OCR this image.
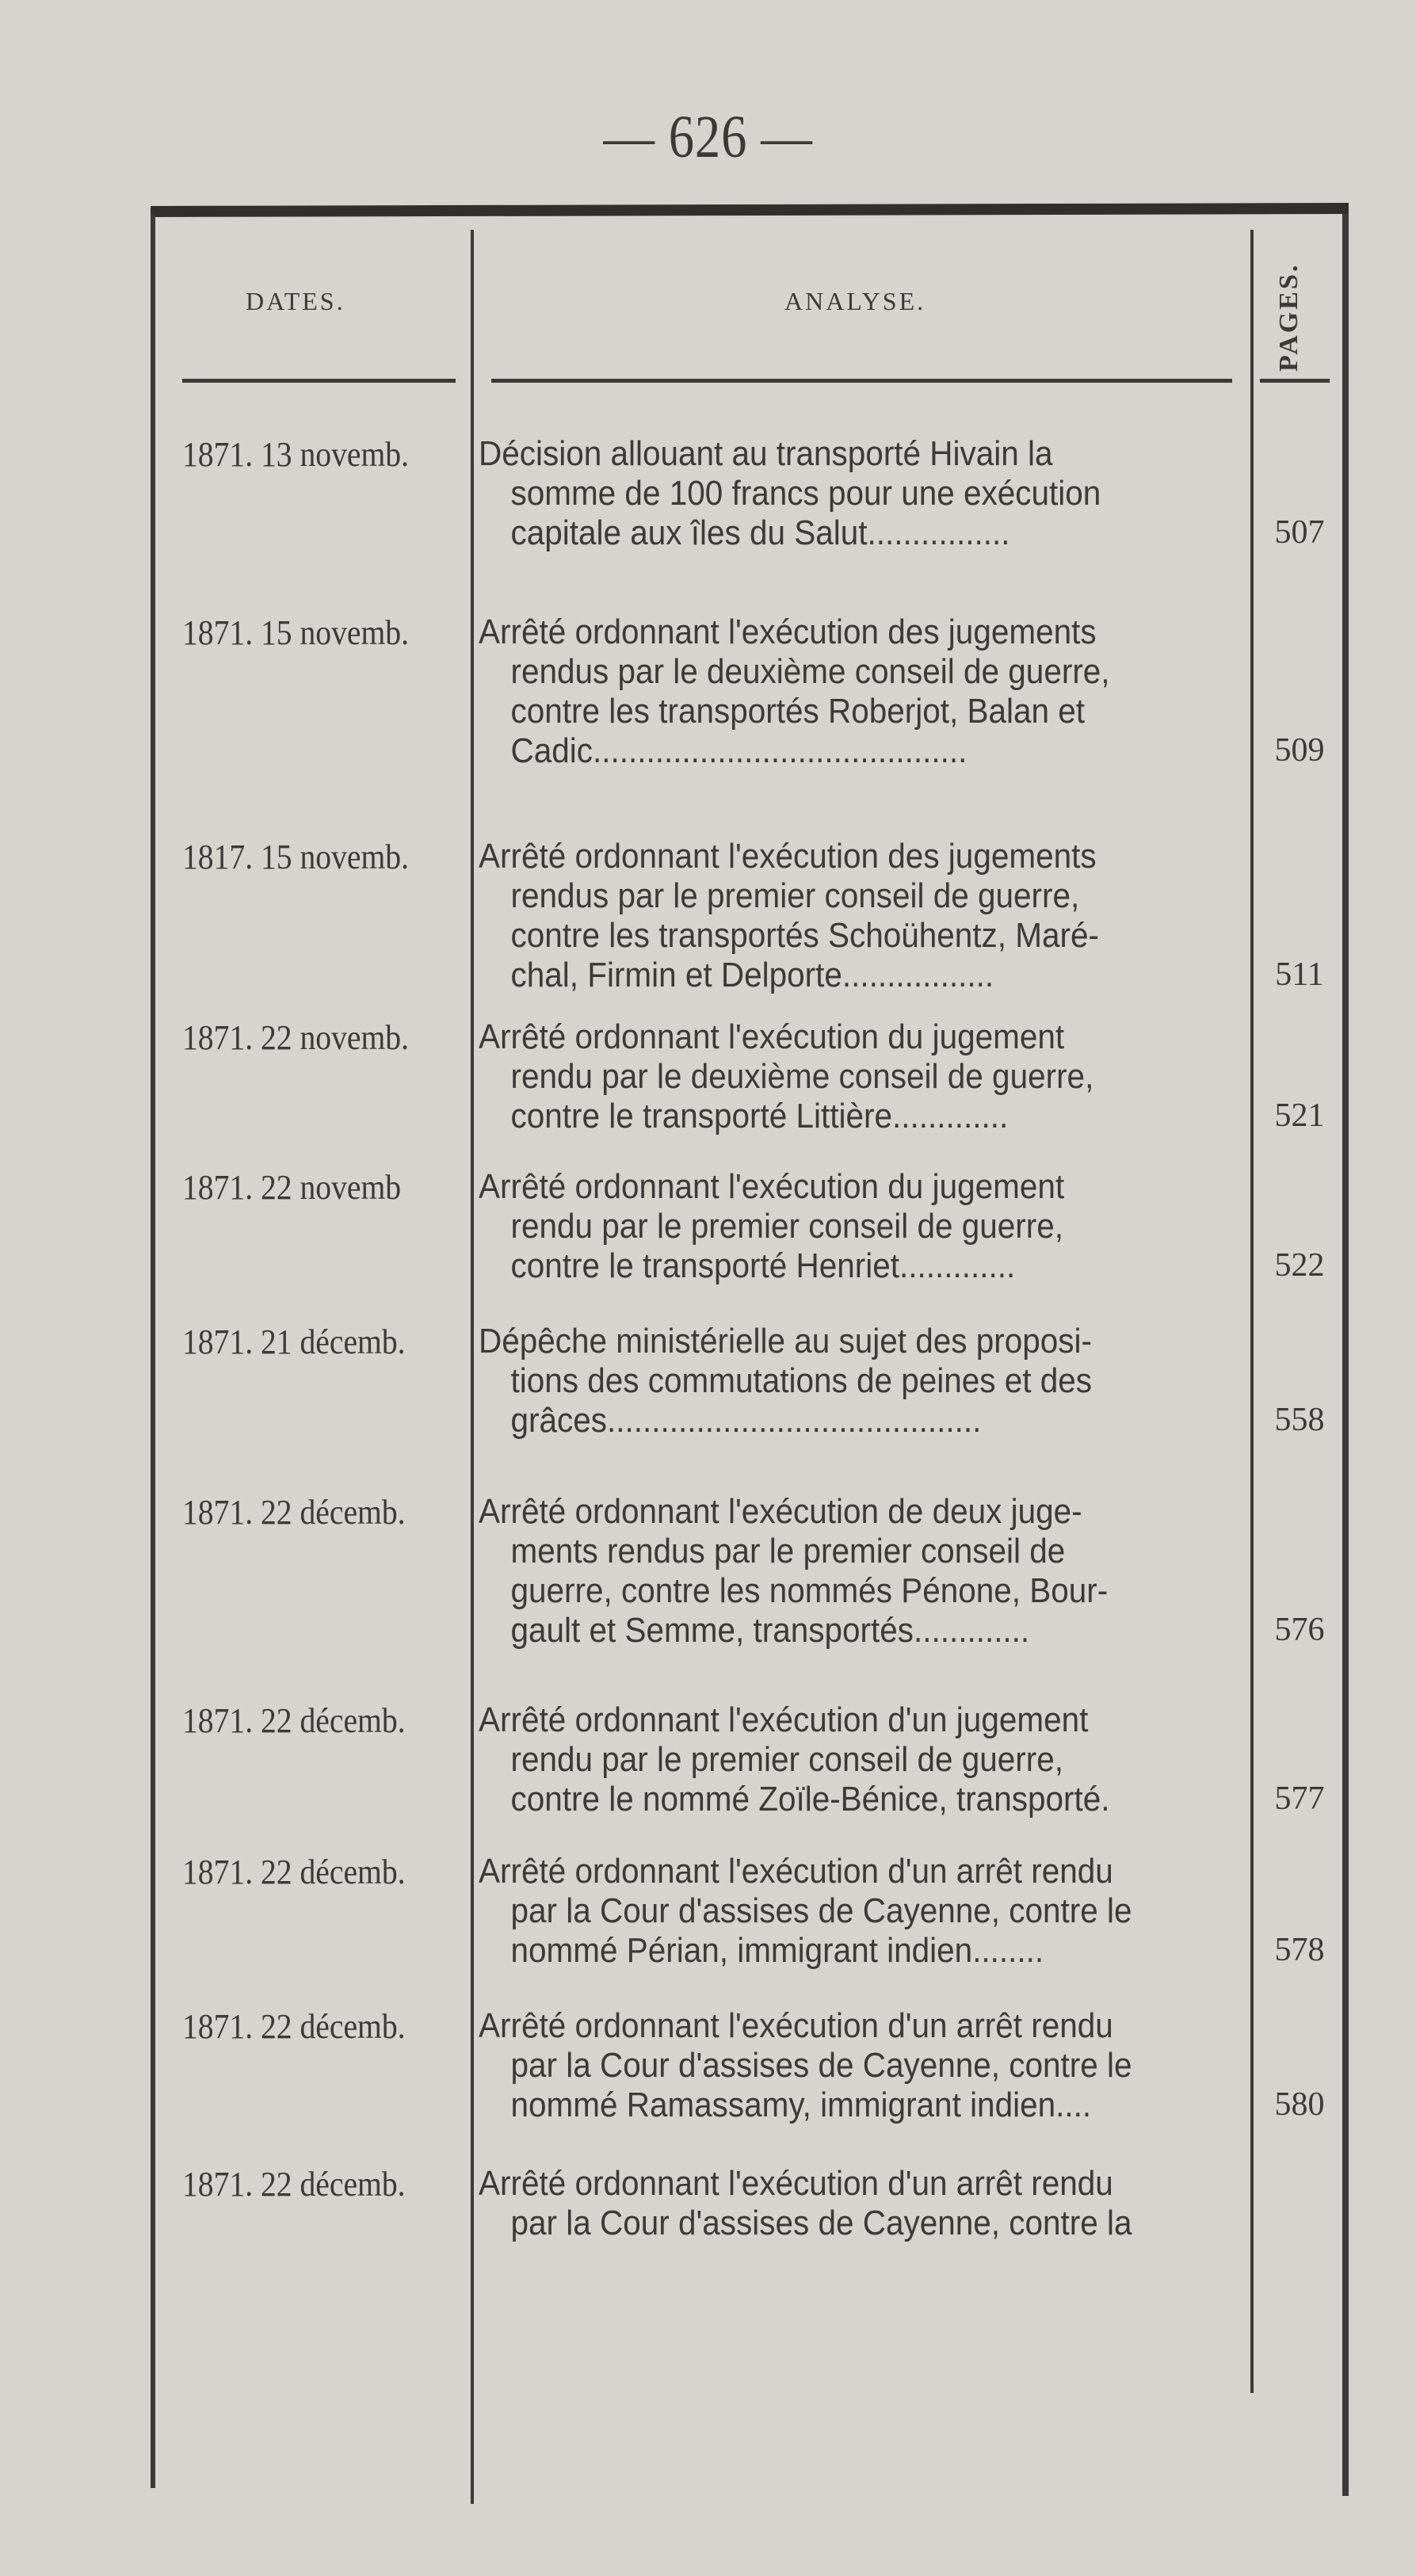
— 626 —
DATES.	ANALYSE.	PAGES.
1871. 13 novemb. Décision allouant au transporté Hivain la
somme de 100 francs pour une exécution
capitale aux îles du Salut................	507
1871. 15 novemb. Arrêté ordonnant l'exécution des jugements
rendus par le deuxième conseil de guerre,
contre les transportés Roberjot, Balan et
Cadic..........................................	509
1817. 15 novemb. Arrêté ordonnant l'exécution des jugements
rendus par le premier conseil de guerre,
contre les transportés Schoühentz, Maré-
chal, Firmin et Delporte.................	511
1871. 22 novemb. Arrêté ordonnant l'exécution du jugement
rendu par le deuxième conseil de guerre,
contre le transporté Littière.............	521
1871. 22 novemb Arrêté ordonnant l'exécution du jugement
rendu par le premier conseil de guerre,
contre le transporté Henriet.............	522
1871. 21 décemb. Dépêche ministérielle au sujet des proposi-
tions des commutations de peines et des
grâces..........................................	558
1871. 22 décemb. Arrêté ordonnant l'exécution de deux juge-
ments rendus par le premier conseil de
guerre, contre les nommés Pénone, Bour-
gault et Semme, transportés.............	576
1871. 22 décemb. Arrêté ordonnant l'exécution d'un jugement
rendu par le premier conseil de guerre,
contre le nommé Zoïle-Bénice, transporté.	577
1871. 22 décemb. Arrêté ordonnant l'exécution d'un arrêt rendu
par la Cour d'assises de Cayenne, contre le
nommé Périan, immigrant indien........	578
1871. 22 décemb. Arrêté ordonnant l'exécution d'un arrêt rendu
par la Cour d'assises de Cayenne, contre le
nommé Ramassamy, immigrant indien....	580
1871. 22 décemb. Arrêté ordonnant l'exécution d'un arrêt rendu
par la Cour d'assises de Cayenne, contre la
